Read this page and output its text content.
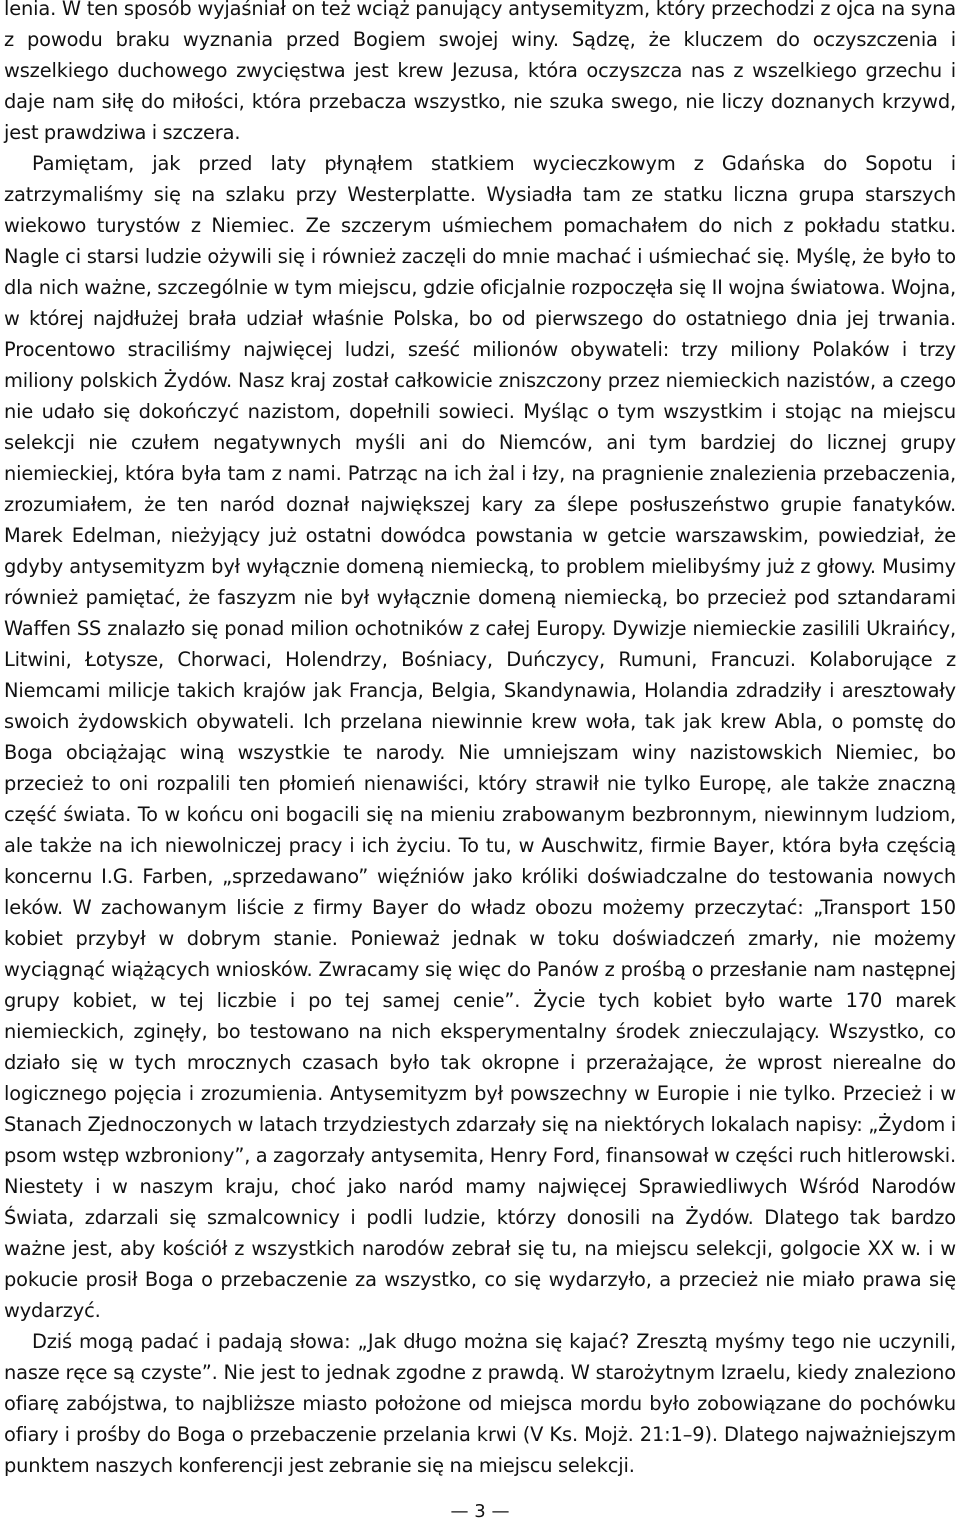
lenia. W ten sposób wyjaśniał on też wciąż panujący antysemityzm, który przechodzi z ojca na syna z powodu braku wyznania przed Bogiem swojej winy. Sądzę, że kluczem do oczyszczenia i wszelkiego duchowego zwycięstwa jest krew Jezusa, która oczyszcza nas z wszelkiego grzechu i daje nam siłę do miłości, która przebacza wszystko, nie szuka swego, nie liczy doznanych krzywd, jest prawdziwa i szczera.

Pamiętam, jak przed laty płynąłem statkiem wycieczkowym z Gdańska do Sopotu i zatrzymaliśmy się na szlaku przy Westerplatte. Wysiadła tam ze statku liczna grupa starszych wiekowo turystów z Niemiec. Ze szczerym uśmiechem pomachałem do nich z pokładu statku. Nagle ci starsi ludzie ożywili się i również zaczęli do mnie machać i uśmiechać się. Myślę, że było to dla nich ważne, szczególnie w tym miejscu, gdzie oficjalnie rozpoczęła się II wojna światowa. Wojna, w której najdłużej brała udział właśnie Polska, bo od pierwszego do ostatniego dnia jej trwania. Procentowo straciliśmy najwięcej ludzi, sześć milionów obywateli: trzy miliony Polaków i trzy miliony polskich Żydów. Nasz kraj został całkowicie zniszczony przez niemieckich nazistów, a czego nie udało się dokończyć nazistom, dopełnili sowieci. Myśląc o tym wszystkim i stojąc na miejscu selekcji nie czułem negatywnych myśli ani do Niemców, ani tym bardziej do licznej grupy niemieckiej, która była tam z nami. Patrząc na ich żal i łzy, na pragnienie znalezienia przebaczenia, zrozumiałem, że ten naród doznał największej kary za ślepe posłuszeństwo grupie fanatyków. Marek Edelman, nieżyjący już ostatni dowódca powstania w getcie warszawskim, powiedział, że gdyby antysemityzm był wyłącznie domeną niemiecką, to problem mielibyśmy już z głowy. Musimy również pamiętać, że faszyzm nie był wyłącznie domeną niemiecką, bo przecież pod sztandarami Waffen SS znalazło się ponad milion ochotników z całej Europy. Dywizje niemieckie zasilili Ukraińcy, Litwini, Łotysze, Chorwaci, Holendrzy, Bośniacy, Duńczycy, Rumuni, Francuzi. Kolaborujące z Niemcami milicje takich krajów jak Francja, Belgia, Skandynawia, Holandia zdradziły i aresztowały swoich żydowskich obywateli. Ich przelana niewinnie krew woła, tak jak krew Abla, o pomstę do Boga obciążając winą wszystkie te narody. Nie umniejszam winy nazistowskich Niemiec, bo przecież to oni rozpalili ten płomień nienawiści, który strawił nie tylko Europę, ale także znaczną część świata. To w końcu oni bogacili się na mieniu zrabowanym bezbronnym, niewinnym ludziom, ale także na ich niewolniczej pracy i ich życiu. To tu, w Auschwitz, firmie Bayer, która była częścią koncernu I.G. Farben, „sprzedawano” więźniów jako króliki doświadczalne do testowania nowych leków. W zachowanym liście z firmy Bayer do władz obozu możemy przeczytać: „Transport 150 kobiet przybył w dobrym stanie. Ponieważ jednak w toku doświadczeń zmarły, nie możemy wyciągnąć wiążących wniosków. Zwracamy się więc do Panów z prośbą o przesłanie nam następnej grupy kobiet, w tej liczbie i po tej samej cenie”. Życie tych kobiet było warte 170 marek niemieckich, zginęły, bo testowano na nich eksperymentalny środek znieczulający. Wszystko, co działo się w tych mrocznych czasach było tak okropne i przerażające, że wprost nierealne do logicznego pojęcia i zrozumienia. Antysemityzm był powszechny w Europie i nie tylko. Przecież i w Stanach Zjednoczonych w latach trzydziestych zdarzały się na niektórych lokalach napisy: „Żydom i psom wstęp wzbroniony”, a zagorzały antysemita, Henry Ford, finansował w części ruch hitlerowski. Niestety i w naszym kraju, choć jako naród mamy najwięcej Sprawiedliwych Wśród Narodów Świata, zdarzali się szmalcownicy i podli ludzie, którzy donosili na Żydów. Dlatego tak bardzo ważne jest, aby kościół z wszystkich narodów zebrał się tu, na miejscu selekcji, golgocie XX w. i w pokucie prosił Boga o przebaczenie za wszystko, co się wydarzyło, a przecież nie miało prawa się wydarzyć.

Dziś mogą padać i padają słowa: „Jak długo można się kajać? Zresztą myśmy tego nie uczynili, nasze ręce są czyste”. Nie jest to jednak zgodne z prawdą. W starożytnym Izraelu, kiedy znaleziono ofiarę zabójstwa, to najbliższe miasto położone od miejsca mordu było zobowiązane do pochówku ofiary i prośby do Boga o przebaczenie przelania krwi (V Ks. Mojż. 21:1–9). Dlatego najważniejszym punktem naszych konferencji jest zebranie się na miejscu selekcji.

— 3 —
